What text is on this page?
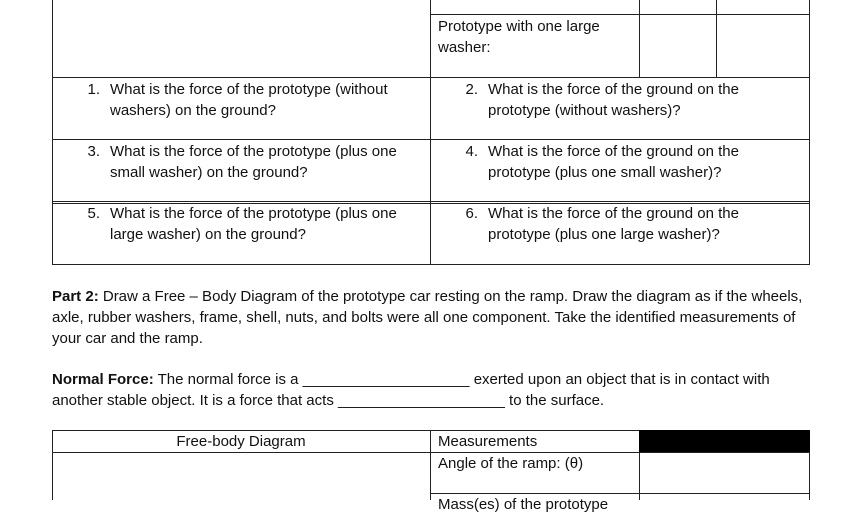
Prototype with one large washer:
1. What is the force of the prototype (without washers) on the ground?
2. What is the force of the ground on the prototype (without washers)?
3. What is the force of the prototype (plus one small washer) on the ground?
4. What is the force of the ground on the prototype (plus one small washer)?
5. What is the force of the prototype (plus one large washer) on the ground?
6. What is the force of the ground on the prototype (plus one large washer)?
Part 2: Draw a Free – Body Diagram of the prototype car resting on the ramp. Draw the diagram as if the wheels, axle, rubber washers, frame, shell, nuts, and bolts were all one component. Take the identified measurements of your car and the ramp.
Normal Force: The normal force is a ____________________ exerted upon an object that is in contact with another stable object. It is a force that acts ____________________ to the surface.
Free-body Diagram	Measurements
Angle of the ramp: (θ)
Mass(es) of the prototype
